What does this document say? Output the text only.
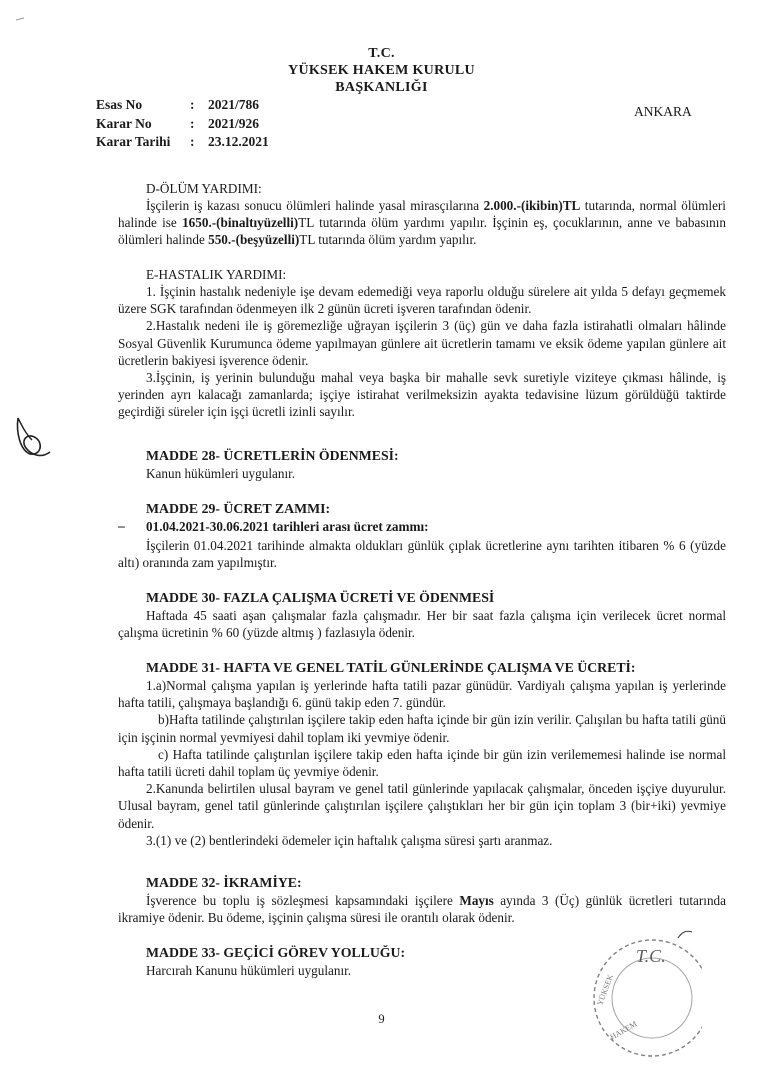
T.C.
YÜKSEK HAKEM KURULU
BAŞKANLIĞI
Esas No	:	2021/786
Karar No	:	2021/926
Karar Tarihi	:	23.12.2021
ANKARA
D-ÖLÜM YARDIMI:

İşçilerin iş kazası sonucu ölümleri halinde yasal mirasçılarına 2.000.-(ikibin)TL tutarında, normal ölümleri halinde ise 1650.-(binaltıyüzelli)TL tutarında ölüm yardımı yapılır. İşçinin eş, çocuklarının, anne ve babasının ölümleri halinde 550.-(beşyüzelli)TL tutarında ölüm yardım yapılır.

E-HASTALIK YARDIMI:

1. İşçinin hastalık nedeniyle işe devam edemediği veya raporlu olduğu sürelere ait yılda 5 defayı geçmemek üzere SGK tarafından ödenmeyen ilk 2 günün ücreti işveren tarafından ödenir.

2.Hastalık nedeni ile iş göremezliğe uğrayan işçilerin 3 (üç) gün ve daha fazla istirahatli olmaları hâlinde Sosyal Güvenlik Kurumunca ödeme yapılmayan günlere ait ücretlerin tamamı ve eksik ödeme yapılan günlere ait ücretlerin bakiyesi işverence ödenir.

3.İşçinin, iş yerinin bulunduğu mahal veya başka bir mahalle sevk suretiyle viziteye çıkması hâlinde, iş yerinden ayrı kalacağı zamanlarda; işçiye istirahat verilmeksizin ayakta tedavisine lüzum görüldüğü taktirde geçirdiği süreler için işçi ücretli izinli sayılır.

MADDE 28- ÜCRETLERİN ÖDENMESİ:
Kanun hükümleri uygulanır.
MADDE 29- ÜCRET ZAMMI:
– 01.04.2021-30.06.2021 tarihleri arası ücret zammı:

İşçilerin 01.04.2021 tarihinde almakta oldukları günlük çıplak ücretlerine aynı tarihten itibaren % 6 (yüzde altı) oranında zam yapılmıştır.

MADDE 30- FAZLA ÇALIŞMA ÜCRETİ VE ÖDENMESİ

Haftada 45 saati aşan çalışmalar fazla çalışmadır. Her bir saat fazla çalışma için verilecek ücret normal çalışma ücretinin % 60 (yüzde altmış ) fazlasıyla ödenir.

MADDE 31- HAFTA VE GENEL TATİL GÜNLERİNDE ÇALIŞMA VE ÜCRETİ:

1.a)Normal çalışma yapılan iş yerlerinde hafta tatili pazar günüdür. Vardiyalı çalışma yapılan iş yerlerinde hafta tatili, çalışmaya başlandığı 6. günü takip eden 7. gündür.

b)Hafta tatilinde çalıştırılan işçilere takip eden hafta içinde bir gün izin verilir. Çalışılan bu hafta tatili günü için işçinin normal yevmiyesi dahil toplam iki yevmiye ödenir.

c) Hafta tatilinde çalıştırılan işçilere takip eden hafta içinde bir gün izin verilememesi halinde ise normal hafta tatili ücreti dahil toplam üç yevmiye ödenir.

2.Kanunda belirtilen ulusal bayram ve genel tatil günlerinde yapılacak çalışmalar, önceden işçiye duyurulur. Ulusal bayram, genel tatil günlerinde çalıştırılan işçilere çalıştıkları her bir gün için toplam 3 (bir+iki) yevmiye ödenir.

3.(1) ve (2) bentlerindeki ödemeler için haftalık çalışma süresi şartı aranmaz.

MADDE 32- İKRAMİYE:

İşverence bu toplu iş sözleşmesi kapsamındaki işçilere Mayıs ayında 3 (Üç) günlük ücretleri tutarında ikramiye ödenir. Bu ödeme, işçinin çalışma süresi ile orantılı olarak ödenir.

MADDE 33- GEÇİCİ GÖREV YOLLUĞU:
Harcırah Kanunu hükümleri uygulanır.
T.C.
YÜKSEK
HAKEM
9
